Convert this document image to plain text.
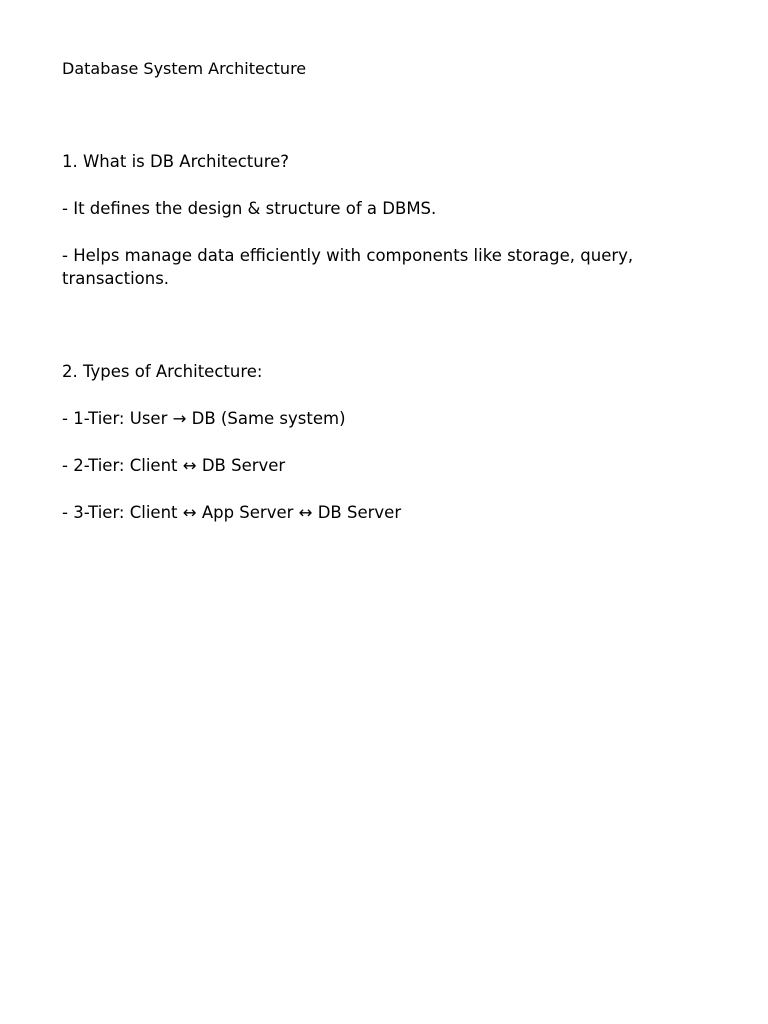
Database System Architecture
1. What is DB Architecture?
- It defines the design & structure of a DBMS.
- Helps manage data efficiently with components like storage, query, transactions.
2. Types of Architecture:
- 1-Tier: User → DB (Same system)
- 2-Tier: Client ↔ DB Server
- 3-Tier: Client ↔ App Server ↔ DB Server
